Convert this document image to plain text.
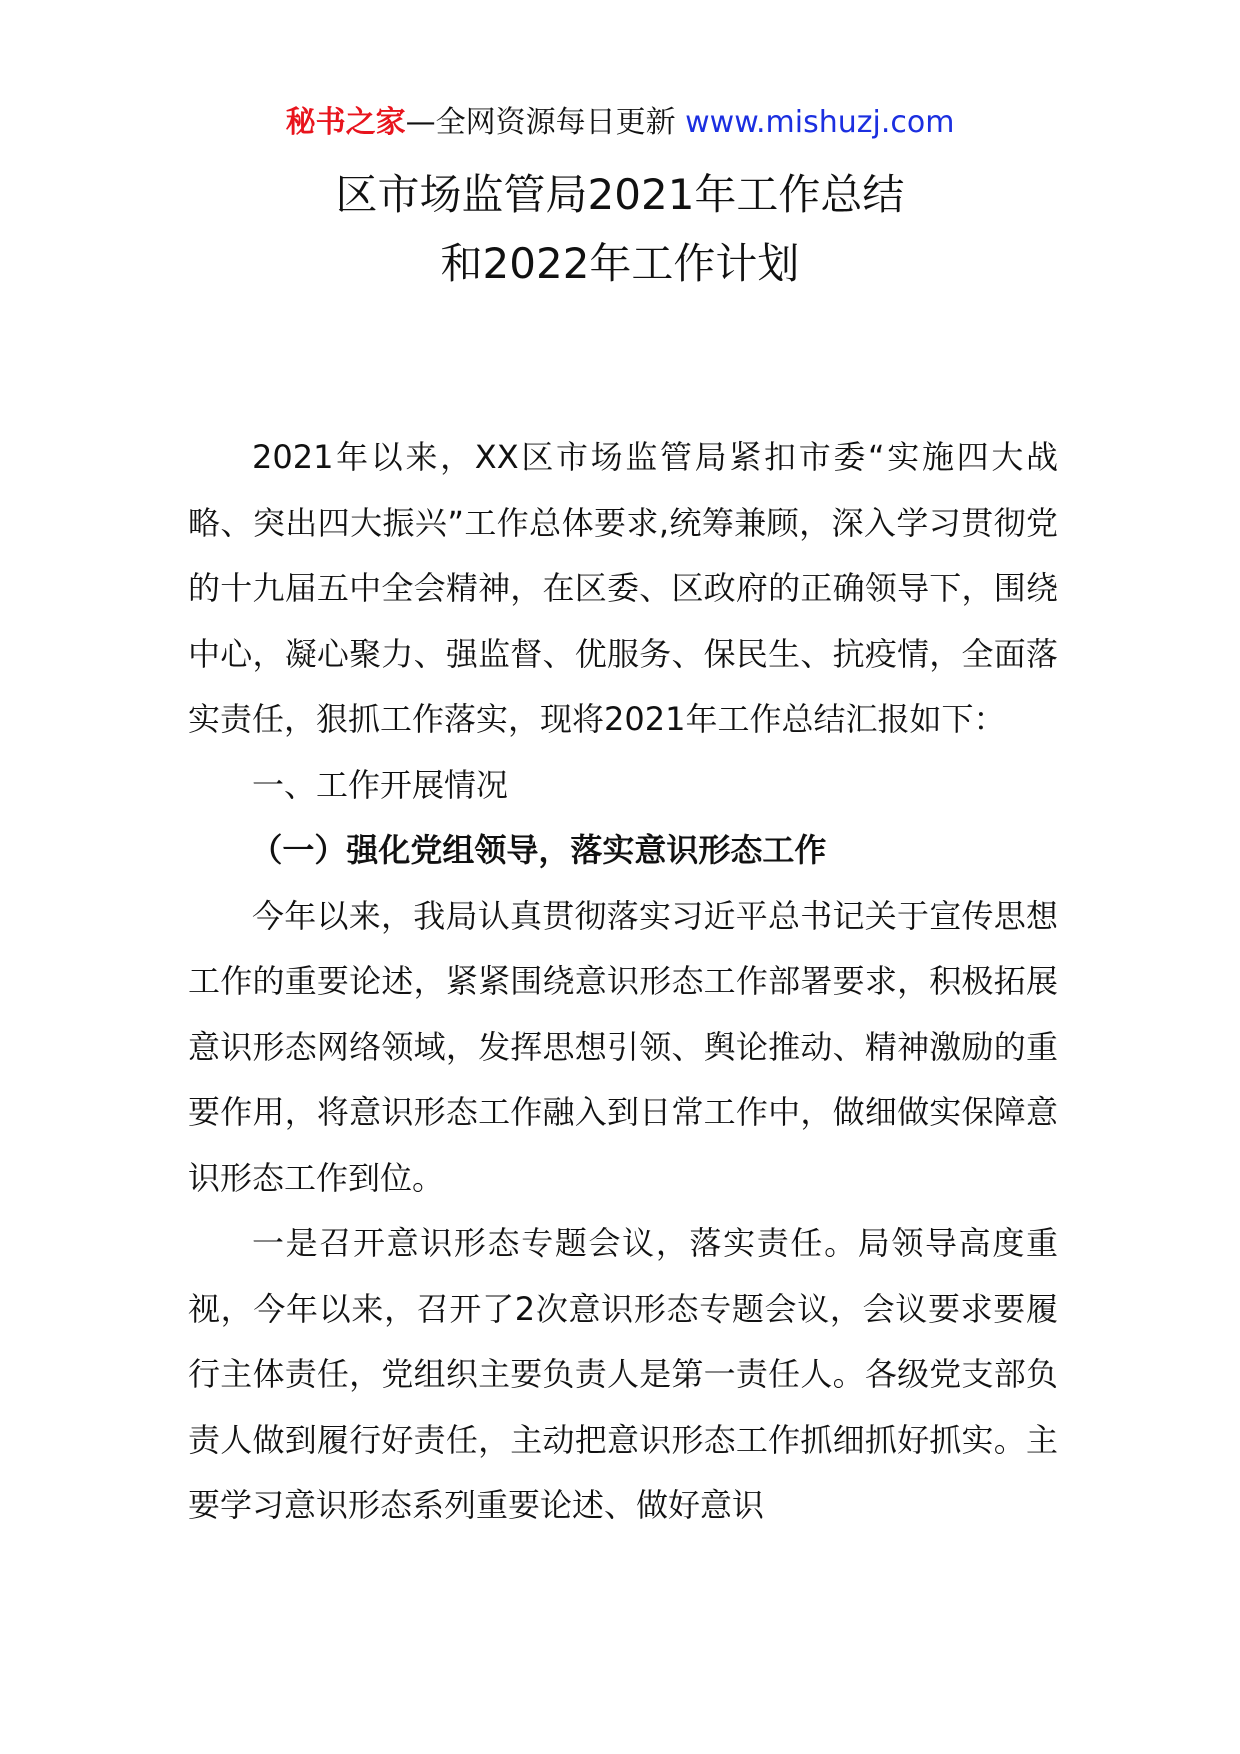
秘书之家—全网资源每日更新 www.mishuzj.com
区市场监管局2021年工作总结
和2022年工作计划

2021年以来，XX区市场监管局紧扣市委“实施四大战略、突出四大振兴”工作总体要求,统筹兼顾，深入学习贯彻党的十九届五中全会精神，在区委、区政府的正确领导下，围绕中心，凝心聚力、强监督、优服务、保民生、抗疫情，全面落实责任，狠抓工作落实，现将2021年工作总结汇报如下：

一、工作开展情况

（一）强化党组领导，落实意识形态工作

今年以来，我局认真贯彻落实习近平总书记关于宣传思想工作的重要论述，紧紧围绕意识形态工作部署要求，积极拓展意识形态网络领域，发挥思想引领、舆论推动、精神激励的重要作用，将意识形态工作融入到日常工作中，做细做实保障意识形态工作到位。

一是召开意识形态专题会议，落实责任。局领导高度重视，今年以来，召开了2次意识形态专题会议，会议要求要履行主体责任，党组织主要负责人是第一责任人。各级党支部负责人做到履行好责任，主动把意识形态工作抓细抓好抓实。主要学习意识形态系列重要论述、做好意识
